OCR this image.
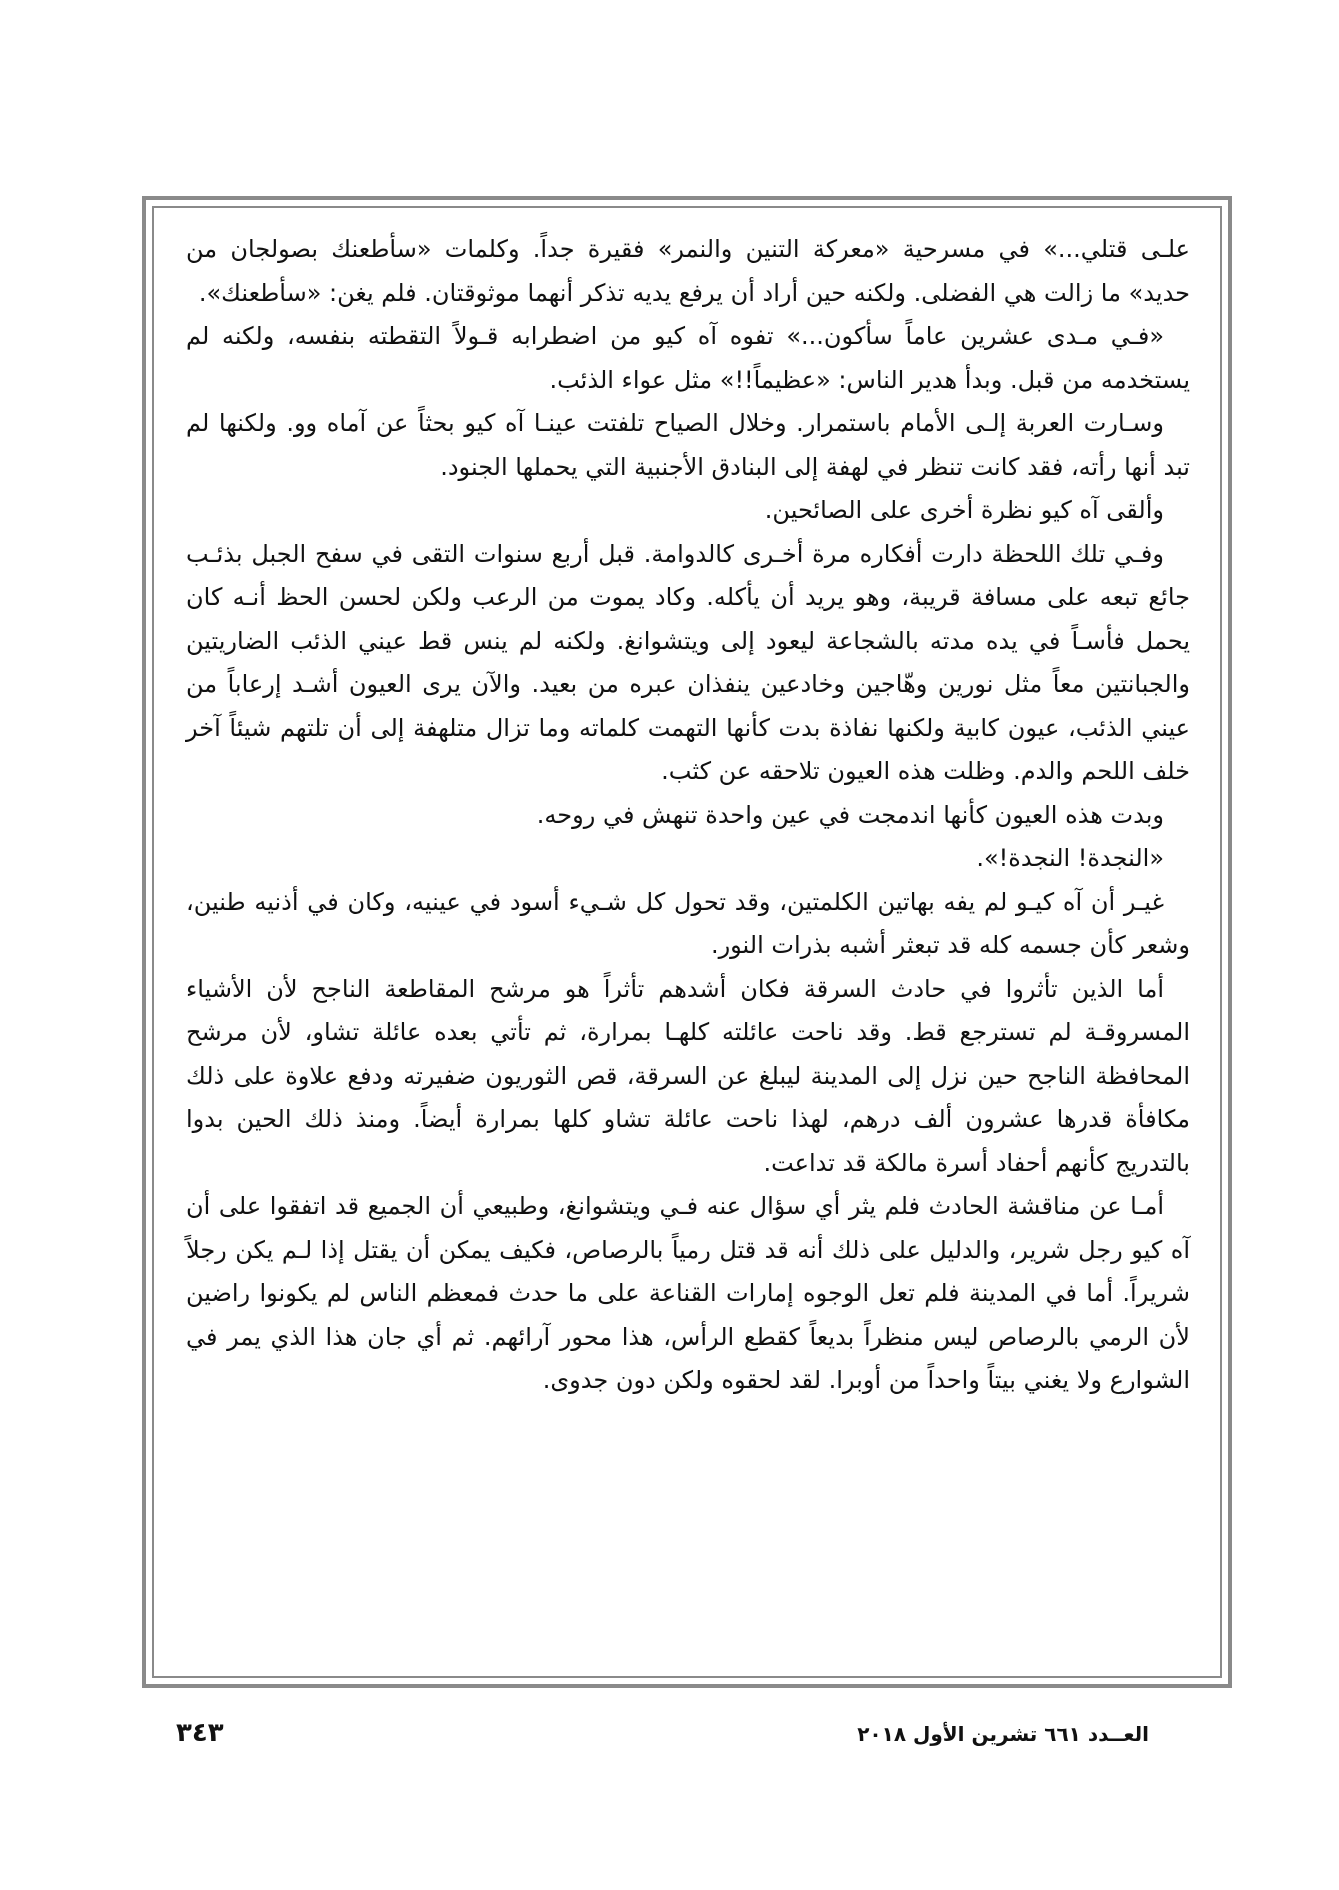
علـى قتلي...» في مسرحية «معركة التنين والنمر» فقيرة جداً. وكلمات «سأطعنك بصولجان من حديد» ما زالت هي الفضلى. ولكنه حين أراد أن يرفع يديه تذكر أنهما موثوقتان. فلم يغن: «سأطعنك».

«فـي مـدى عشرين عاماً سأكون...» تفوه آه كيو من اضطرابه قـولاً التقطته بنفسه، ولكنه لم يستخدمه من قبل. وبدأ هدير الناس: «عظيماً!!» مثل عواء الذئب.

وسـارت العربة إلـى الأمام باستمرار. وخلال الصياح تلفتت عينـا آه كيو بحثاً عن آماه وو. ولكنها لم تبد أنها رأته، فقد كانت تنظر في لهفة إلى البنادق الأجنبية التي يحملها الجنود.

وألقى آه كيو نظرة أخرى على الصائحين.

وفـي تلك اللحظة دارت أفكاره مرة أخـرى كالدوامة. قبل أربع سنوات التقى في سفح الجبل بذئـب جائع تبعه على مسافة قريبة، وهو يريد أن يأكله. وكاد يموت من الرعب ولكن لحسن الحظ أنـه كان يحمل فأسـاً في يده مدته بالشجاعة ليعود إلى ويتشوانغ. ولكنه لم ينس قط عيني الذئب الضاريتين والجبانتين معاً مثل نورين وهّاجين وخادعين ينفذان عبره من بعيد. والآن يرى العيون أشـد إرعاباً من عيني الذئب، عيون كابية ولكنها نفاذة بدت كأنها التهمت كلماته وما تزال متلهفة إلى أن تلتهم شيئاً آخر خلف اللحم والدم. وظلت هذه العيون تلاحقه عن كثب.

وبدت هذه العيون كأنها اندمجت في عين واحدة تنهش في روحه.

«النجدة! النجدة!».

غيـر أن آه كيـو لم يفه بهاتين الكلمتين، وقد تحول كل شـيء أسود في عينيه، وكان في أذنيه طنين، وشعر كأن جسمه كله قد تبعثر أشبه بذرات النور.

أما الذين تأثروا في حادث السرقة فكان أشدهم تأثراً هو مرشح المقاطعة الناجح لأن الأشياء المسروقـة لم تسترجع قط. وقد ناحت عائلته كلهـا بمرارة، ثم تأتي بعده عائلة تشاو، لأن مرشح المحافظة الناجح حين نزل إلى المدينة ليبلغ عن السرقة، قص الثوريون ضفيرته ودفع علاوة على ذلك مكافأة قدرها عشرون ألف درهم، لهذا ناحت عائلة تشاو كلها بمرارة أيضاً. ومنذ ذلك الحين بدوا بالتدريج كأنهم أحفاد أسرة مالكة قد تداعت.

أمـا عن مناقشة الحادث فلم يثر أي سؤال عنه فـي ويتشوانغ، وطبيعي أن الجميع قد اتفقوا على أن آه كيو رجل شرير، والدليل على ذلك أنه قد قتل رمياً بالرصاص، فكيف يمكن أن يقتل إذا لـم يكن رجلاً شريراً. أما في المدينة فلم تعل الوجوه إمارات القناعة على ما حدث فمعظم الناس لم يكونوا راضين لأن الرمي بالرصاص ليس منظراً بديعاً كقطع الرأس، هذا محور آرائهم. ثم أي جان هذا الذي يمر في الشوارع ولا يغني بيتاً واحداً من أوبرا. لقد لحقوه ولكن دون جدوى.

٣٤٣	العــدد ٦٦١ تشرين الأول ٢٠١٨
